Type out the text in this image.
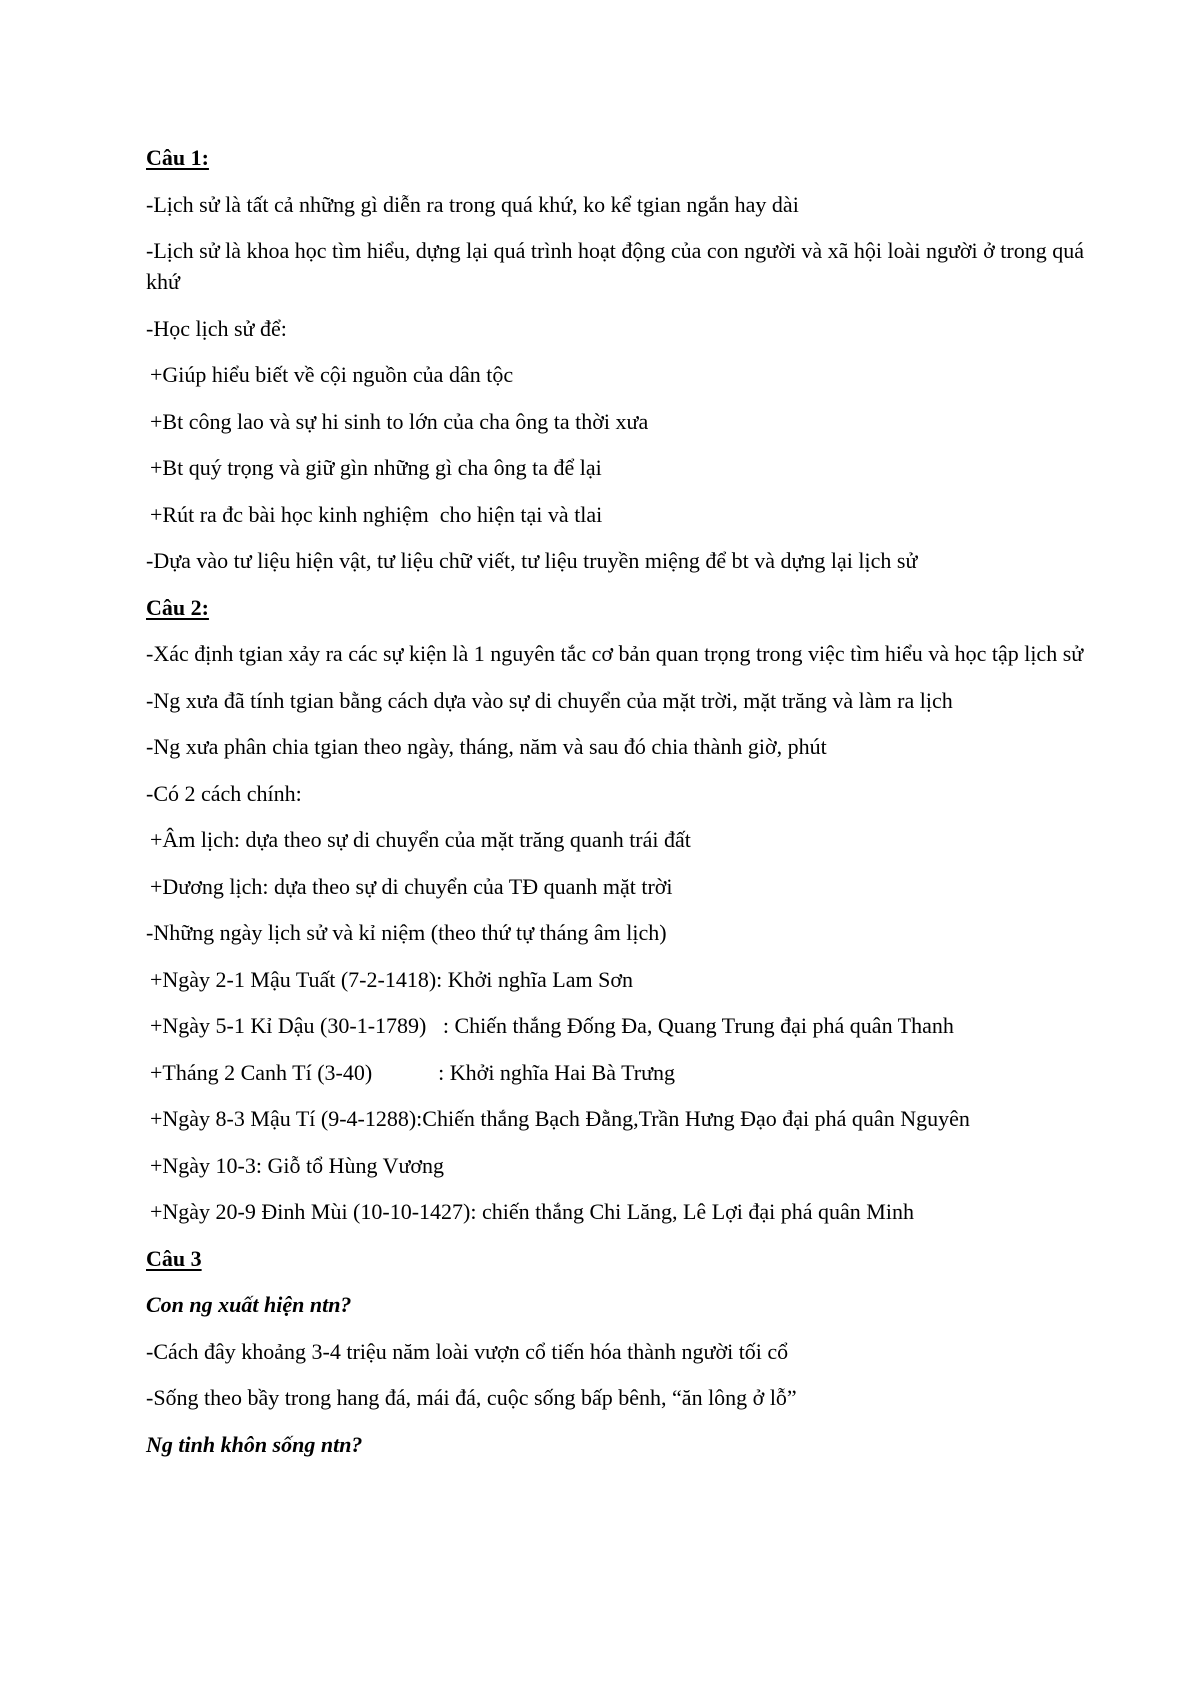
Câu 1:

-Lịch sử là tất cả những gì diễn ra trong quá khứ, ko kể tgian ngắn hay dài

-Lịch sử là khoa học tìm hiểu, dựng lại quá trình hoạt động của con người và xã hội loài người ở trong quá khứ

-Học lịch sử để:

+Giúp hiểu biết về cội nguồn của dân tộc

+Bt công lao và sự hi sinh to lớn của cha ông ta thời xưa

+Bt quý trọng và giữ gìn những gì cha ông ta để lại

+Rút ra đc bài học kinh nghiệm  cho hiện tại và tlai

-Dựa vào tư liệu hiện vật, tư liệu chữ viết, tư liệu truyền miệng để bt và dựng lại lịch sử

Câu 2:

-Xác định tgian xảy ra các sự kiện là 1 nguyên tắc cơ bản quan trọng trong việc tìm hiểu và học tập lịch sử

-Ng xưa đã tính tgian bằng cách dựa vào sự di chuyển của mặt trời, mặt trăng và làm ra lịch

-Ng xưa phân chia tgian theo ngày, tháng, năm và sau đó chia thành giờ, phút

-Có 2 cách chính:

+Âm lịch: dựa theo sự di chuyển của mặt trăng quanh trái đất

+Dương lịch: dựa theo sự di chuyển của TĐ quanh mặt trời

-Những ngày lịch sử và kỉ niệm (theo thứ tự tháng âm lịch)

+Ngày 2-1 Mậu Tuất (7-2-1418): Khởi nghĩa Lam Sơn

+Ngày 5-1 Kỉ Dậu (30-1-1789)   : Chiến thắng Đống Đa, Quang Trung đại phá quân Thanh

+Tháng 2 Canh Tí (3-40)            : Khởi nghĩa Hai Bà Trưng

+Ngày 8-3 Mậu Tí (9-4-1288):Chiến thắng Bạch Đằng,Trần Hưng Đạo đại phá quân Nguyên

+Ngày 10-3: Giỗ tổ Hùng Vương

+Ngày 20-9 Đinh Mùi (10-10-1427): chiến thắng Chi Lăng, Lê Lợi đại phá quân Minh

Câu 3

Con ng xuất hiện ntn?

-Cách đây khoảng 3-4 triệu năm loài vượn cổ tiến hóa thành người tối cổ

-Sống theo bầy trong hang đá, mái đá, cuộc sống bấp bênh, “ăn lông ở lỗ”

Ng tinh khôn sống ntn?
